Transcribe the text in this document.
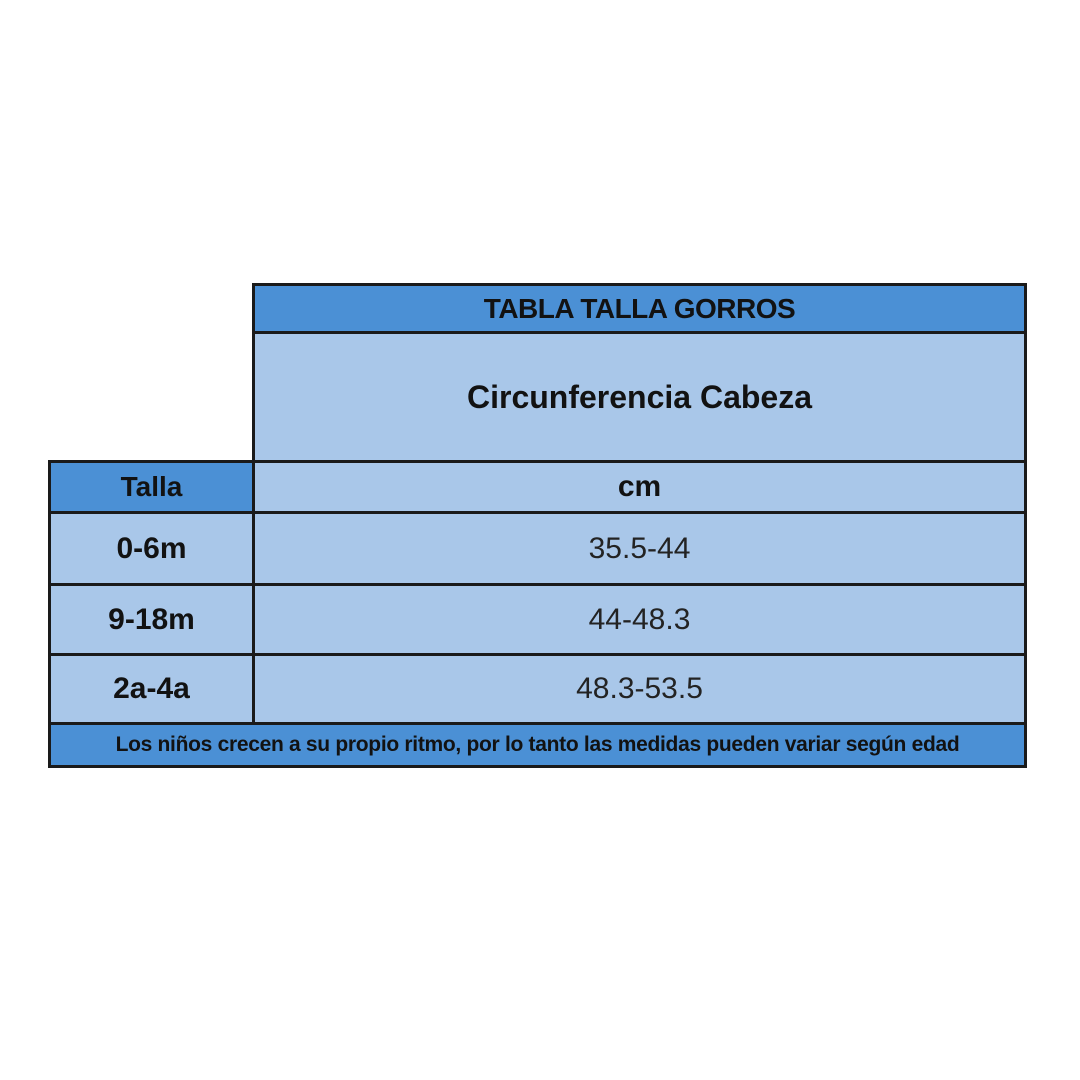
TABLA TALLA GORROS
Circunferencia Cabeza
Talla	cm
0-6m	35.5-44
9-18m	44-48.3
2a-4a	48.3-53.5
Los niños crecen a su propio ritmo, por lo tanto las medidas pueden variar según edad
